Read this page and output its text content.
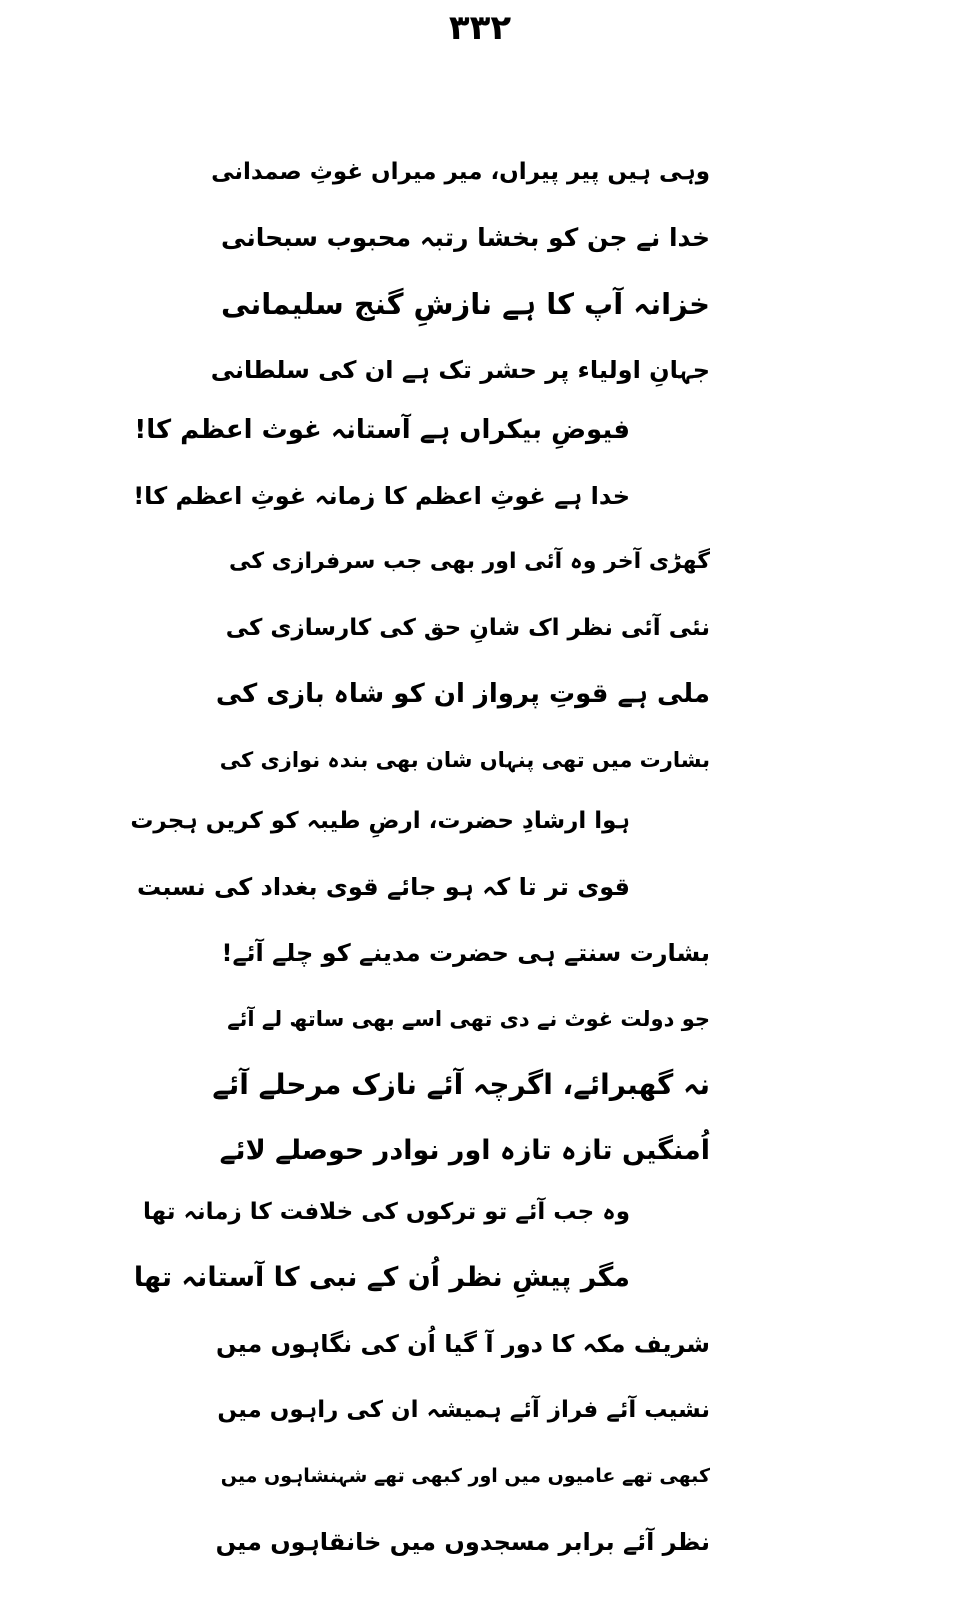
۳۳۲
وہی ہیں پیر پیراں، میر میراں غوثِ صمدانی
خدا نے جن کو بخشا رتبہ محبوب سبحانی
خزانہ آپ کا ہے نازشِ گنج سلیمانی
جہانِ اولیاء پر حشر تک ہے ان کی سلطانی
فیوضِ بیکراں ہے آستانہ غوث اعظم کا!
خدا ہے غوثِ اعظم کا زمانہ غوثِ اعظم کا!
گھڑی آخر وہ آئی اور بھی جب سرفرازی کی
نئی آئی نظر اک شانِ حق کی کارسازی کی
ملی ہے قوتِ پرواز ان کو شاہ بازی کی
بشارت میں تھی پنہاں شان بھی بندہ نوازی کی
ہوا ارشادِ حضرت، ارضِ طیبہ کو کریں ہجرت
قوی تر تا کہ ہو جائے قوی بغداد کی نسبت
بشارت سنتے ہی حضرت مدینے کو چلے آئے!
جو دولت غوث نے دی تھی اسے بھی ساتھ لے آئے
نہ گھبرائے، اگرچہ آئے نازک مرحلے آئے
اُمنگیں تازہ تازہ اور نوادر حوصلے لائے
وہ جب آئے تو ترکوں کی خلافت کا زمانہ تھا
مگر پیشِ نظر اُن کے نبی کا آستانہ تھا
شریف مکہ کا دور آ گیا اُن کی نگاہوں میں
نشیب آئے فراز آئے ہمیشہ ان کی راہوں میں
کبھی تھے عامیوں میں اور کبھی تھے شہنشاہوں میں
نظر آئے برابر مسجدوں میں خانقاہوں میں
